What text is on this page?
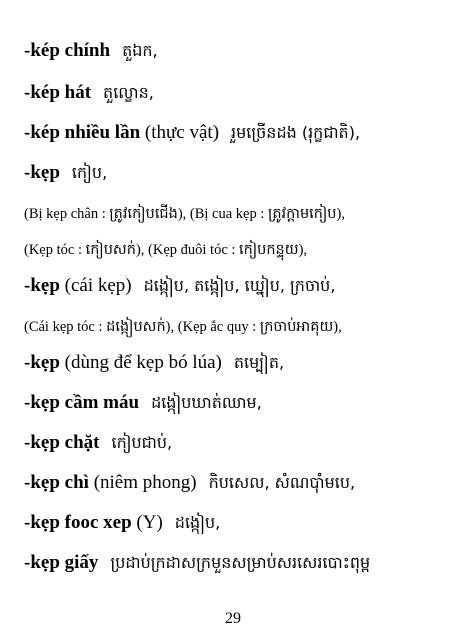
-kép chính តួឯក,
-kép hát តួល្ខោន,
-kép nhiều lần (thực vật) រួមច្រើនដង (រុក្ខជាតិ),
-kẹp កៀប,
(Bị kẹp chân : ត្រូវកៀបជើង), (Bị cua kẹp : ត្រូវក្ដាមកៀប),
(Kẹp tóc : កៀបសក់), (Kẹp đuôi tóc : កៀបកន្ទុយ),
-kẹp (cái kẹp) ដង្កៀប, តង្កៀប, ឃ្នៀប, ក្រចាប់,
(Cái kẹp tóc : ដង្កៀបសក់), (Kẹp ắc quy : ក្រចាប់អាគុយ),
-kẹp (dùng để kẹp bó lúa) តម្បៀត,
-kẹp cầm máu ដង្កៀបឃាត់ឈាម,
-kẹp chặt កៀបជាប់,
-kẹp chì (niêm phong) កិបសេល, សំណប៉ាំមបេ,
-kẹp fooc xep (Y) ដង្កៀប,
-kẹp giấy ប្រដាប់ក្រដាសក្រមួនសម្រាប់សរសេរបោះពុម្ព
29
